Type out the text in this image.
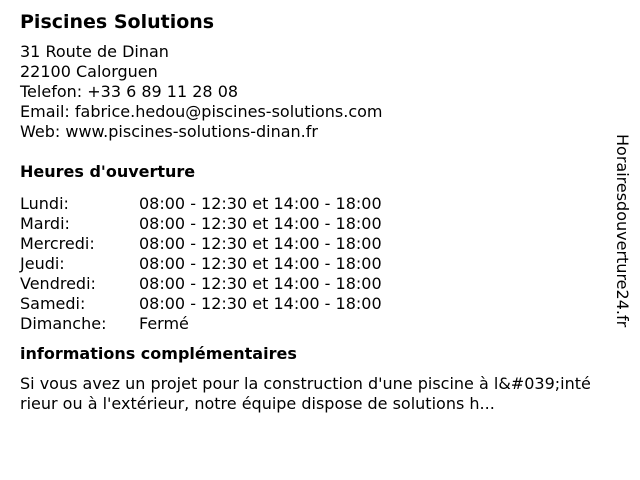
Piscines Solutions
31 Route de Dinan
22100 Calorguen
Telefon: +33 6 89 11 28 08
Email: fabrice.hedou@piscines-solutions.com
Web: www.piscines-solutions-dinan.fr
Heures d'ouverture
Lundi:	08:00 - 12:30 et 14:00 - 18:00
Mardi:	08:00 - 12:30 et 14:00 - 18:00
Mercredi:	08:00 - 12:30 et 14:00 - 18:00
Jeudi:	08:00 - 12:30 et 14:00 - 18:00
Vendredi:	08:00 - 12:30 et 14:00 - 18:00
Samedi:	08:00 - 12:30 et 14:00 - 18:00
Dimanche: Fermé
informations complémentaires
Si vous avez un projet pour la construction d'une piscine à l&#039;intérieur ou à l'extérieur, notre équipe dispose de solutions h...
Horairesdouverture24.fr
